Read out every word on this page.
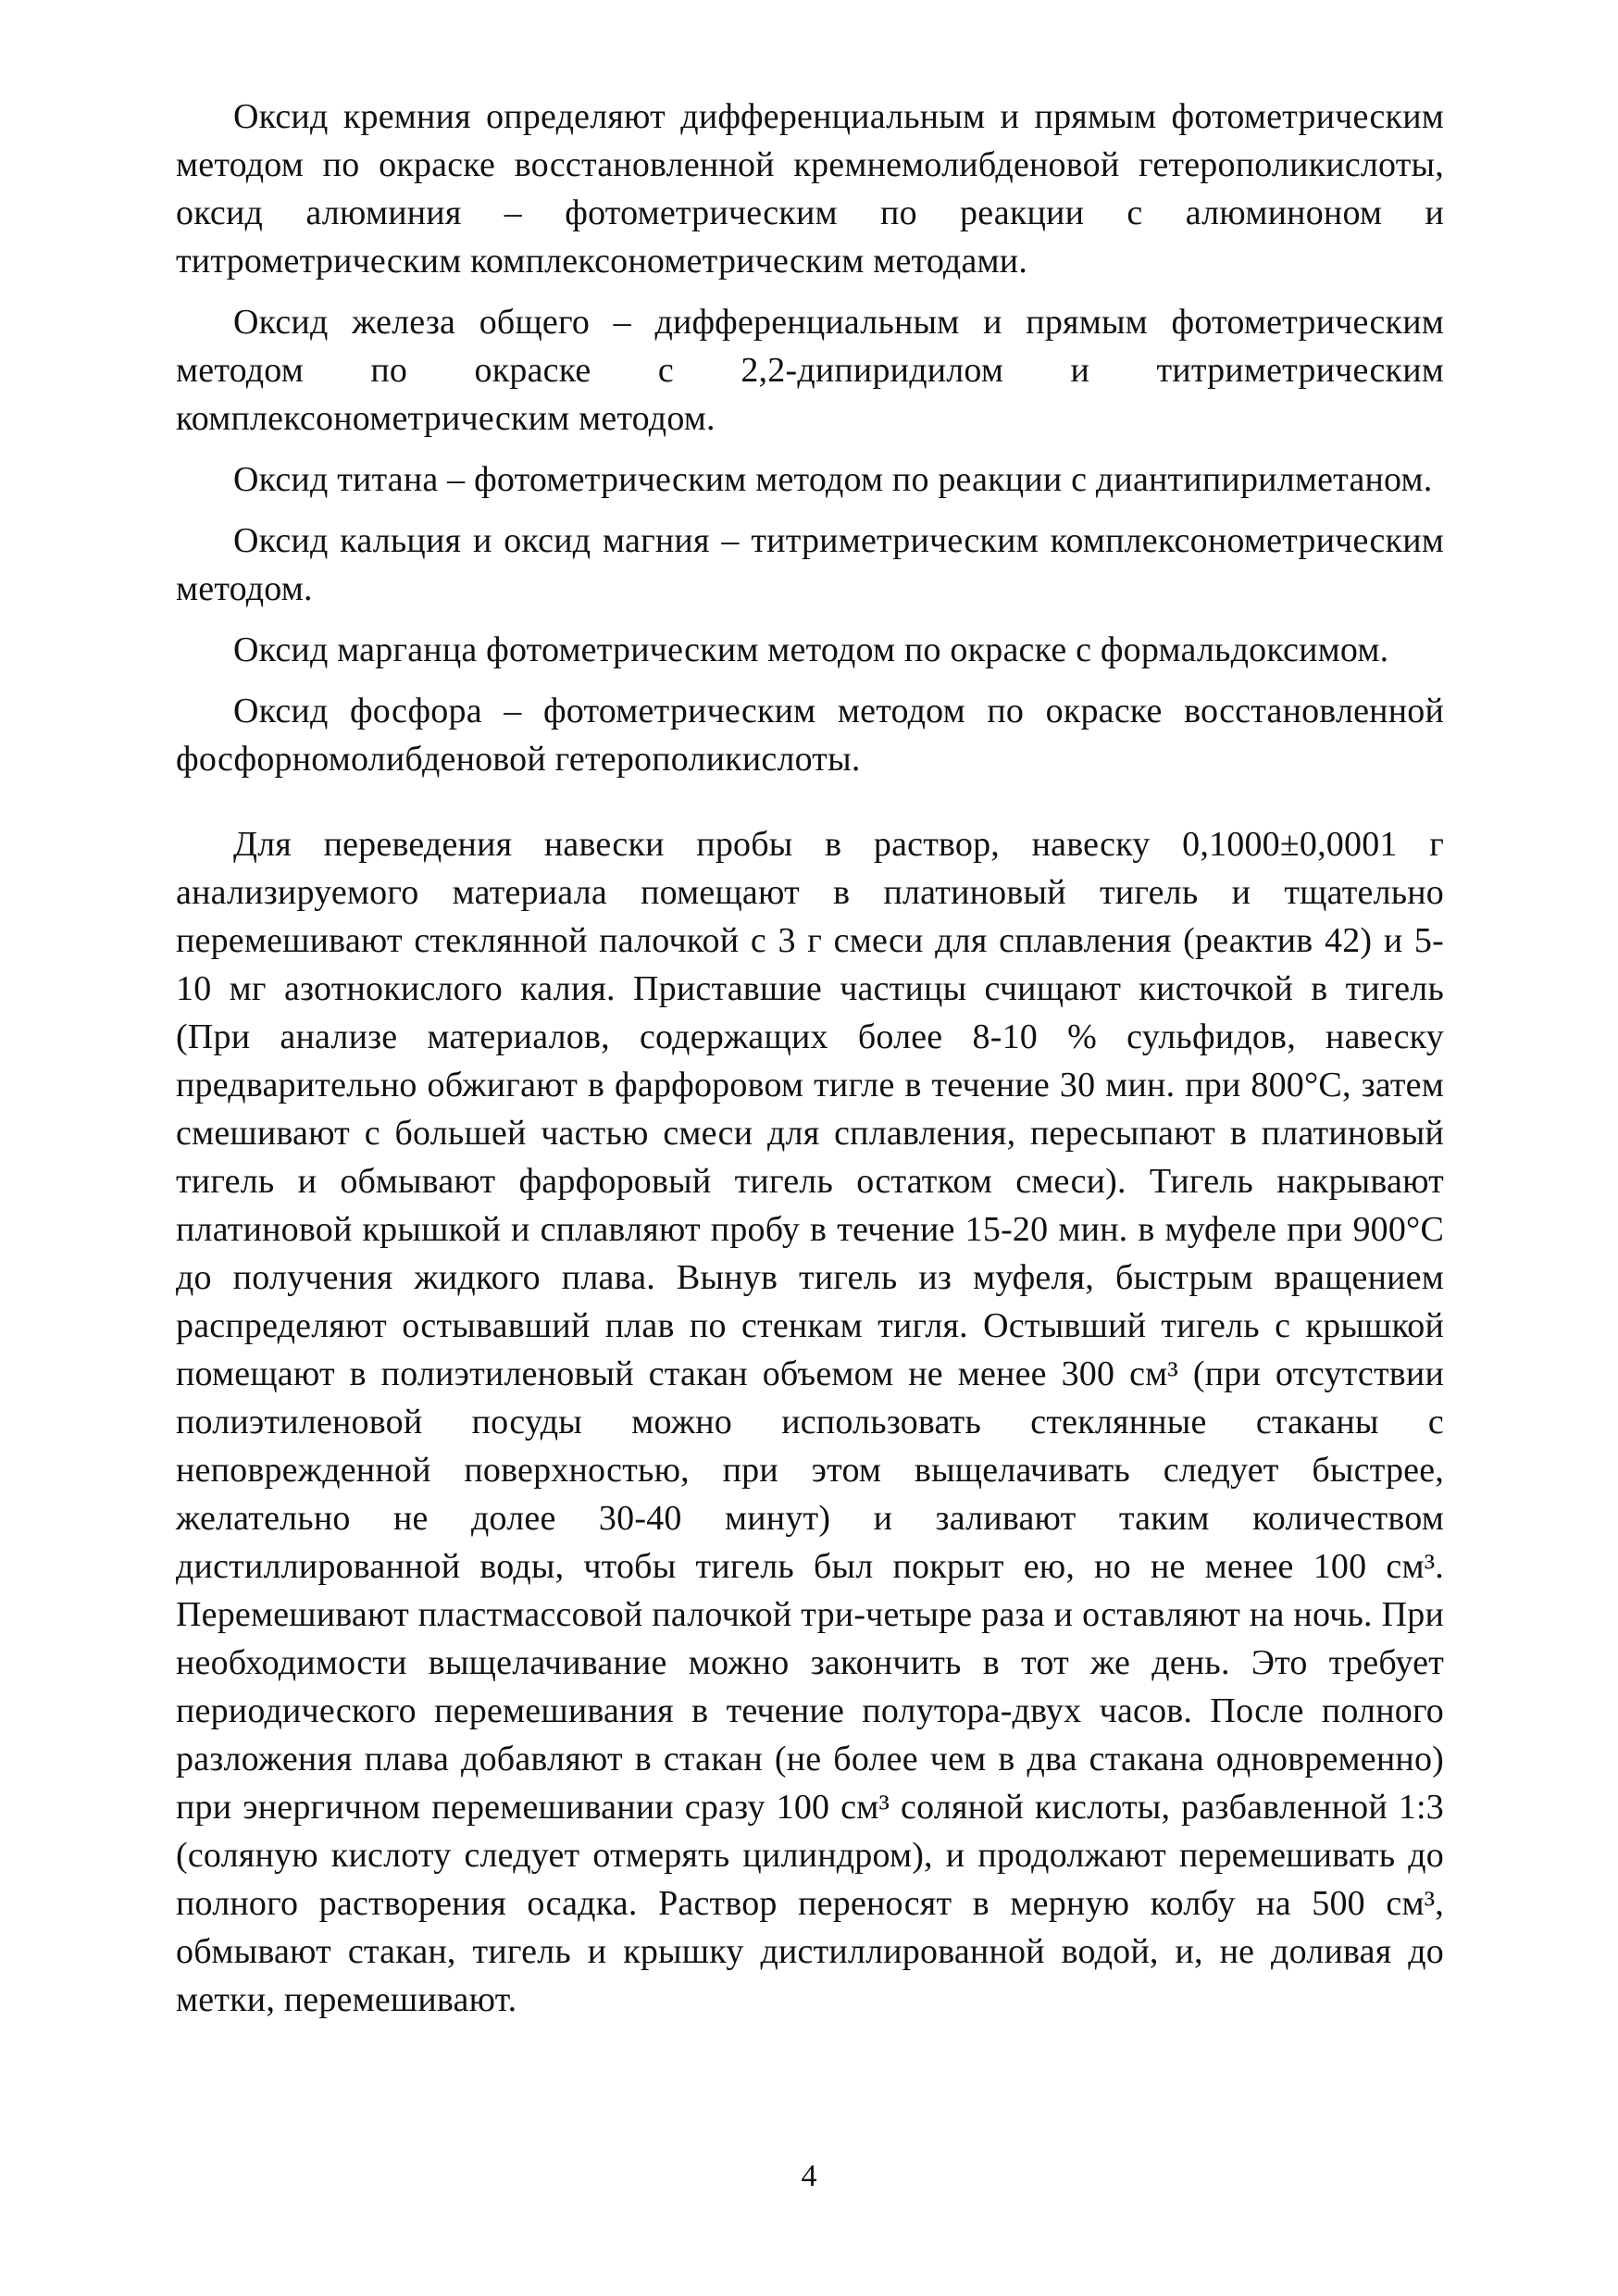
Оксид кремния определяют дифференциальным и прямым фотометрическим методом по окраске восстановленной кремнемолибденовой гетерополикислоты, оксид алюминия – фотометрическим по реакции с алюминоном и титрометрическим комплексонометрическим методами.

Оксид железа общего – дифференциальным и прямым фотометрическим методом по окраске с 2,2-дипиридилом и титриметрическим комплексонометрическим методом.

Оксид титана – фотометрическим методом по реакции с диантипирилметаном.

Оксид кальция и оксид магния – титриметрическим комплексонометрическим методом.

Оксид марганца фотометрическим методом по окраске с формальдоксимом.

Оксид фосфора – фотометрическим методом по окраске восстановленной фосфорномолибденовой гетерополикислоты.

Для переведения навески пробы в раствор, навеску 0,1000±0,0001 г анализируемого материала помещают в платиновый тигель и тщательно перемешивают стеклянной палочкой с 3 г смеси для сплавления (реактив 42) и 5-10 мг азотнокислого калия. Приставшие частицы счищают кисточкой в тигель (При анализе материалов, содержащих более 8-10 % сульфидов, навеску предварительно обжигают в фарфоровом тигле в течение 30 мин. при 800°С, затем смешивают с большей частью смеси для сплавления, пересыпают в платиновый тигель и обмывают фарфоровый тигель остатком смеси). Тигель накрывают платиновой крышкой и сплавляют пробу в течение 15-20 мин. в муфеле при 900°С до получения жидкого плава. Вынув тигель из муфеля, быстрым вращением распределяют остывавший плав по стенкам тигля. Остывший тигель с крышкой помещают в полиэтиленовый стакан объемом не менее 300 см³ (при отсутствии полиэтиленовой посуды можно использовать стеклянные стаканы с неповрежденной поверхностью, при этом выщелачивать следует быстрее, желательно не долее 30-40 минут) и заливают таким количеством дистиллированной воды, чтобы тигель был покрыт ею, но не менее 100 см³. Перемешивают пластмассовой палочкой три-четыре раза и оставляют на ночь. При необходимости выщелачивание можно закончить в тот же день. Это требует периодического перемешивания в течение полутора-двух часов. После полного разложения плава добавляют в стакан (не более чем в два стакана одновременно) при энергичном перемешивании сразу 100 см³ соляной кислоты, разбавленной 1:3 (соляную кислоту следует отмерять цилиндром), и продолжают перемешивать до полного растворения осадка. Раствор переносят в мерную колбу на 500 см³, обмывают стакан, тигель и крышку дистиллированной водой, и, не доливая до метки, перемешивают.

4
